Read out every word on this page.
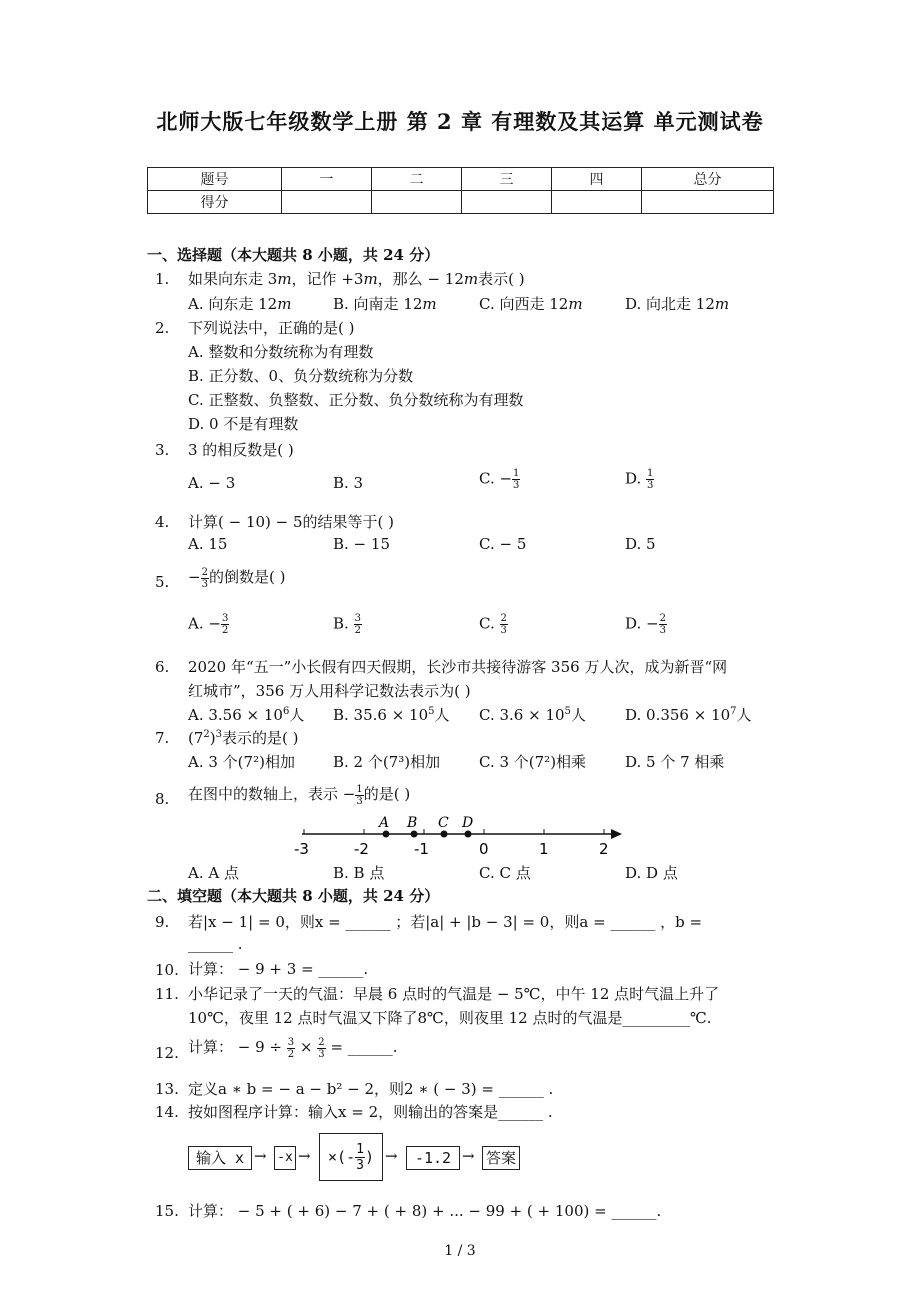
北师大版七年级数学上册 第 2 章 有理数及其运算 单元测试卷
题号	一	二	三	四	总分
得分					
一、选择题（本大题共 8 小题，共 24 分）
1. 如果向东走 3m，记作 +3m，那么 − 12m表示( )
A. 向东走 12m	B. 向南走 12m	C. 向西走 12m	D. 向北走 12m
2. 下列说法中，正确的是( )
A. 整数和分数统称为有理数
B. 正分数、0、负分数统称为分数
C. 正整数、负整数、正分数、负分数统称为有理数
D. 0 不是有理数
3. 3 的相反数是( )
A. − 3	B. 3	C. − $\frac{1}{3}$	D. $\frac{1}{3}$
4. 计算( − 10) − 5的结果等于( )
A. 15	B. − 15	C. − 5	D. 5
5. − $\frac{2}{3}$ 的倒数是( )
A. − $\frac{3}{2}$	B. $\frac{3}{2}$	C. $\frac{2}{3}$	D. − $\frac{2}{3}$
6. 2020 年“五一”小长假有四天假期，长沙市共接待游客 356 万人次，成为新晋“网
红城市”，356 万人用科学记数法表示为( )
A. $3.56 \times 10^6$人 B. $35.6 \times 10^5$人 C. $3.6 \times 10^5$人	D. $0.356 \times 10^7$人
7. $(7^2)^3$表示的是( )
A. 3 个(7²)相加	B. 2 个(7³)相加	C. 3 个(7²)相乘	D. 5 个 7 相乘
8. 在图中的数轴上，表示 − $\frac{1}{3}$ 的是( )
-3	-2	-1	0	1	2
A B C D
A. A 点	B. B 点	C. C 点	D. D 点
二、填空题（本大题共 8 小题，共 24 分）
9. 若|x − 1| = 0，则x = ______ ；若|a| + |b − 3| = 0，则a = ______ ，b =
______ .
10. 计算： − 9 + 3 = ______.
11. 小华记录了一天的气温：早晨 6 点时的气温是 − 5℃，中午 12 点时气温上升了
10℃，夜里 12 点时气温又下降了8℃，则夜里 12 点时的气温是_________℃.
12. 计算： − $9 \div \frac{3}{2} \times \frac{2}{3}$ = ______.
13. 定义a ∗ b = − a − b² − 2，则2 ∗ ( − 3) = ______ .
14. 按如图程序计算：输入x = 2，则输出的答案是______ .
输入 x → -x → ×(- $\frac{1}{3}$ ) →	-1.2 → 答案
15. 计算： − 5 + ( + 6) − 7 + ( + 8) + ... − 99 + ( + 100) = ______.
1 / 3
